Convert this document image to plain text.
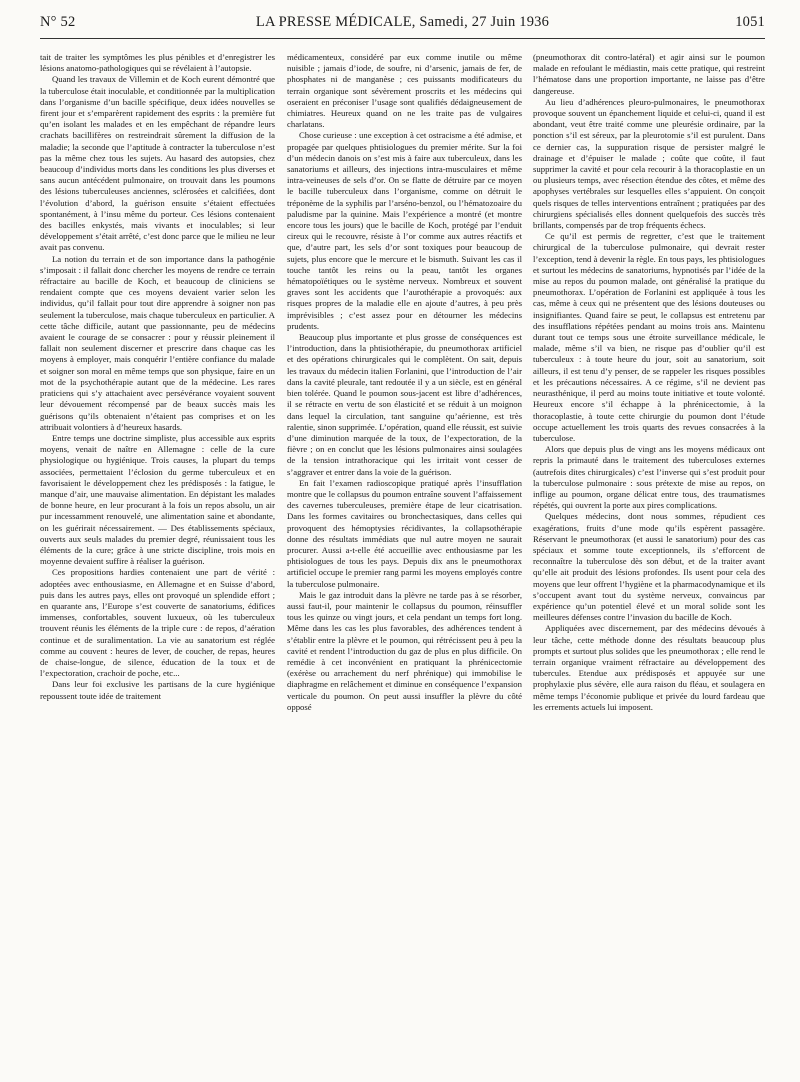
N° 52	LA PRESSE MÉDICALE, Samedi, 27 Juin 1936	1051

tait de traiter les symptômes les plus pénibles et d’enregistrer les lésions anatomo-pathologiques qui se révélaient à l’autopsie.

Quand les travaux de Villemin et de Koch eurent démontré que la tuberculose était inoculable, et conditionnée par la multiplication dans l’organisme d’un bacille spécifique, deux idées nouvelles se firent jour et s’emparèrent rapidement des esprits : la première fut qu’en isolant les malades et en les empêchant de répandre leurs crachats bacillifères on restreindrait sûrement la diffusion de la maladie; la seconde que l’aptitude à contracter la tuberculose n’est pas la même chez tous les sujets. Au hasard des autopsies, chez beaucoup d’individus morts dans les conditions les plus diverses et sans aucun antécédent pulmonaire, on trouvait dans les poumons des lésions tuberculeuses anciennes, sclérosées et calcifiées, dont l’évolution d’abord, la guérison ensuite s’étaient effectuées spontanément, à l’insu même du porteur. Ces lésions contenaient des bacilles enkystés, mais vivants et inoculables; si leur développement s’était arrêté, c’est donc parce que le milieu ne leur avait pas convenu.

La notion du terrain et de son importance dans la pathogénie s’imposait : il fallait donc chercher les moyens de rendre ce terrain réfractaire au bacille de Koch, et beaucoup de cliniciens se rendaient compte que ces moyens devaient varier selon les individus, qu’il fallait pour tout dire apprendre à soigner non pas seulement la tuberculose, mais chaque tuberculeux en particulier. A cette tâche difficile, autant que passionnante, peu de médecins avaient le courage de se consacrer : pour y réussir pleinement il fallait non seulement discerner et prescrire dans chaque cas les moyens à employer, mais conquérir l’entière confiance du malade et soigner son moral en même temps que son physique, faire en un mot de la psychothérapie autant que de la médecine. Les rares praticiens qui s’y attachaient avec persévérance voyaient souvent leur dévouement récompensé par de beaux succès mais les guérisons qu’ils obtenaient n’étaient pas comprises et on les attribuait volontiers à d’heureux hasards.

Entre temps une doctrine simpliste, plus accessible aux esprits moyens, venait de naître en Allemagne : celle de la cure physiologique ou hygiénique. Trois causes, la plupart du temps associées, permettaient l’éclosion du germe tuberculeux et en favorisaient le développement chez les prédisposés : la fatigue, le manque d’air, une mauvaise alimentation. En dépistant les malades de bonne heure, en leur procurant à la fois un repos absolu, un air pur incessamment renouvelé, une alimentation saine et abondante, on les guérirait nécessairement. — Des établissements spéciaux, ouverts aux seuls malades du premier degré, réunissaient tous les éléments de la cure; grâce à une stricte discipline, trois mois en moyenne devaient suffire à réaliser la guérison.

Ces propositions hardies contenaient une part de vérité : adoptées avec enthousiasme, en Allemagne et en Suisse d’abord, puis dans les autres pays, elles ont provoqué un splendide effort ; en quarante ans, l’Europe s’est couverte de sanatoriums, édifices immenses, confortables, souvent luxueux, où les tuberculeux trouvent réunis les éléments de la triple cure : de repos, d’aération continue et de suralimentation. La vie au sanatorium est réglée comme au couvent : heures de lever, de coucher, de repas, heures de chaise-longue, de silence, éducation de la toux et de l’expectoration, crachoir de poche, etc...

Dans leur foi exclusive les partisans de la cure hygiénique repoussent toute idée de traitement

médicamenteux, considéré par eux comme inutile ou même nuisible ; jamais d’iode, de soufre, ni d’arsenic, jamais de fer, de phosphates ni de manganèse ; ces puissants modificateurs du terrain organique sont sévèrement proscrits et les médecins qui oseraient en préconiser l’usage sont qualifiés dédaigneusement de chimiatres. Heureux quand on ne les traite pas de vulgaires charlatans.

Chose curieuse : une exception à cet ostracisme a été admise, et propagée par quelques phtisiologues du premier mérite. Sur la foi d’un médecin danois on s’est mis à faire aux tuberculeux, dans les sanatoriums et ailleurs, des injections intra-musculaires et même intra-veineuses de sels d’or. On se flatte de détruire par ce moyen le bacille tuberculeux dans l’organisme, comme on détruit le tréponème de la syphilis par l’arséno-benzol, ou l’hématozoaire du paludisme par la quinine. Mais l’expérience a montré (et montre encore tous les jours) que le bacille de Koch, protégé par l’enduit cireux qui le recouvre, résiste à l’or comme aux autres réactifs et que, d’autre part, les sels d’or sont toxiques pour beaucoup de sujets, plus encore que le mercure et le bismuth. Suivant les cas il touche tantôt les reins ou la peau, tantôt les organes hématopoïétiques ou le système nerveux. Nombreux et souvent graves sont les accidents que l’aurothérapie a provoqués: aux risques propres de la maladie elle en ajoute d’autres, à peu près imprévisibles ; c’est assez pour en détourner les médecins prudents.

Beaucoup plus importante et plus grosse de conséquences est l’introduction, dans la phtisiothérapie, du pneumothorax artificiel et des opérations chirurgicales qui le complètent. On sait, depuis les travaux du médecin italien Forlanini, que l’introduction de l’air dans la cavité pleurale, tant redoutée il y a un siècle, est en général bien tolérée. Quand le poumon sous-jacent est libre d’adhérences, il se rétracte en vertu de son élasticité et se réduit à un moignon dans lequel la circulation, tant sanguine qu’aérienne, est très ralentie, sinon supprimée. L’opération, quand elle réussit, est suivie d’une diminution marquée de la toux, de l’expectoration, de la fièvre ; on en conclut que les lésions pulmonaires ainsi soulagées de la tension intrathoracique qui les irritait vont cesser de s’aggraver et entrer dans la voie de la guérison.

En fait l’examen radioscopique pratiqué après l’insufflation montre que le collapsus du poumon entraîne souvent l’affaissement des cavernes tuberculeuses, première étape de leur cicatrisation. Dans les formes cavitaires ou bronchectasiques, dans celles qui provoquent des hémoptysies récidivantes, la collapsothérapie donne des résultats immédiats que nul autre moyen ne saurait procurer. Aussi a-t-elle été accueillie avec enthousiasme par les phtisiologues de tous les pays. Depuis dix ans le pneumothorax artificiel occupe le premier rang parmi les moyens employés contre la tuberculose pulmonaire.

Mais le gaz introduit dans la plèvre ne tarde pas à se résorber, aussi faut-il, pour maintenir le collapsus du poumon, réinsuffler tous les quinze ou vingt jours, et cela pendant un temps fort long. Même dans les cas les plus favorables, des adhérences tendent à s’établir entre la plèvre et le poumon, qui rétrécissent peu à peu la cavité et rendent l’introduction du gaz de plus en plus difficile. On remédie à cet inconvénient en pratiquant la phrénicectomie (exérèse ou arrachement du nerf phrénique) qui immobilise le diaphragme en relâchement et diminue en conséquence l’expansion verticale du poumon. On peut aussi insuffler la plèvre du côté opposé

(pneumothorax dit contro-latéral) et agir ainsi sur le poumon malade en refoulant le médiastin, mais cette pratique, qui restreint l’hématose dans une proportion importante, ne laisse pas d’être dangereuse.

Au lieu d’adhérences pleuro-pulmonaires, le pneumothorax provoque souvent un épanchement liquide et celui-ci, quand il est abondant, veut être traité comme une pleurésie ordinaire, par la ponction s’il est séreux, par la pleurotomie s’il est purulent. Dans ce dernier cas, la suppuration risque de persister malgré le drainage et d’épuiser le malade ; coûte que coûte, il faut supprimer la cavité et pour cela recourir à la thoracoplastie en un ou plusieurs temps, avec résection étendue des côtes, et même des apophyses vertébrales sur lesquelles elles s’appuient. On conçoit quels risques de telles interventions entraînent ; pratiquées par des chirurgiens spécialisés elles donnent quelquefois des succès très brillants, compensés par de trop fréquents échecs.

Ce qu’il est permis de regretter, c’est que le traitement chirurgical de la tuberculose pulmonaire, qui devrait rester l’exception, tend à devenir la règle. En tous pays, les phtisiologues et surtout les médecins de sanatoriums, hypnotisés par l’idée de la mise au repos du poumon malade, ont généralisé la pratique du pneumothorax. L’opération de Forlanini est appliquée à tous les cas, même à ceux qui ne présentent que des lésions douteuses ou insignifiantes. Quand faire se peut, le collapsus est entretenu par des insufflations répétées pendant au moins trois ans. Maintenu durant tout ce temps sous une étroite surveillance médicale, le malade, même s’il va bien, ne risque pas d’oublier qu’il est tuberculeux : à toute heure du jour, soit au sanatorium, soit ailleurs, il est tenu d’y penser, de se rappeler les risques possibles et les précautions nécessaires. A ce régime, s’il ne devient pas neurasthénique, il perd au moins toute initiative et toute volonté. Heureux encore s’il échappe à la phrénicectomie, à la thoracoplastie, à toute cette chirurgie du poumon dont l’étude occupe actuellement les trois quarts des revues consacrées à la tuberculose.

Alors que depuis plus de vingt ans les moyens médicaux ont repris la primauté dans le traitement des tuberculoses externes (autrefois dites chirurgicales) c’est l’inverse qui s’est produit pour la tuberculose pulmonaire : sous prétexte de mise au repos, on inflige au poumon, organe délicat entre tous, des traumatismes répétés, qui ouvrent la porte aux pires complications.

Quelques médecins, dont nous sommes, répudient ces exagérations, fruits d’une mode qu’ils espèrent passagère. Réservant le pneumothorax (et aussi le sanatorium) pour des cas spéciaux et somme toute exceptionnels, ils s’efforcent de reconnaître la tuberculose dès son début, et de la traiter avant qu’elle ait produit des lésions profondes. Ils usent pour cela des moyens que leur offrent l’hygiène et la pharmacodynamique et ils s’occupent avant tout du système nerveux, convaincus par expérience qu’un potentiel élevé et un moral solide sont les meilleures défenses contre l’invasion du bacille de Koch.

Appliquées avec discernement, par des médecins dévoués à leur tâche, cette méthode donne des résultats beaucoup plus prompts et surtout plus solides que les pneumothorax ; elle rend le terrain organique vraiment réfractaire au développement des tubercules. Etendue aux prédisposés et appuyée sur une prophylaxie plus sévère, elle aura raison du fléau, et soulagera en même temps l’économie publique et privée du lourd fardeau que les errements actuels lui imposent.
